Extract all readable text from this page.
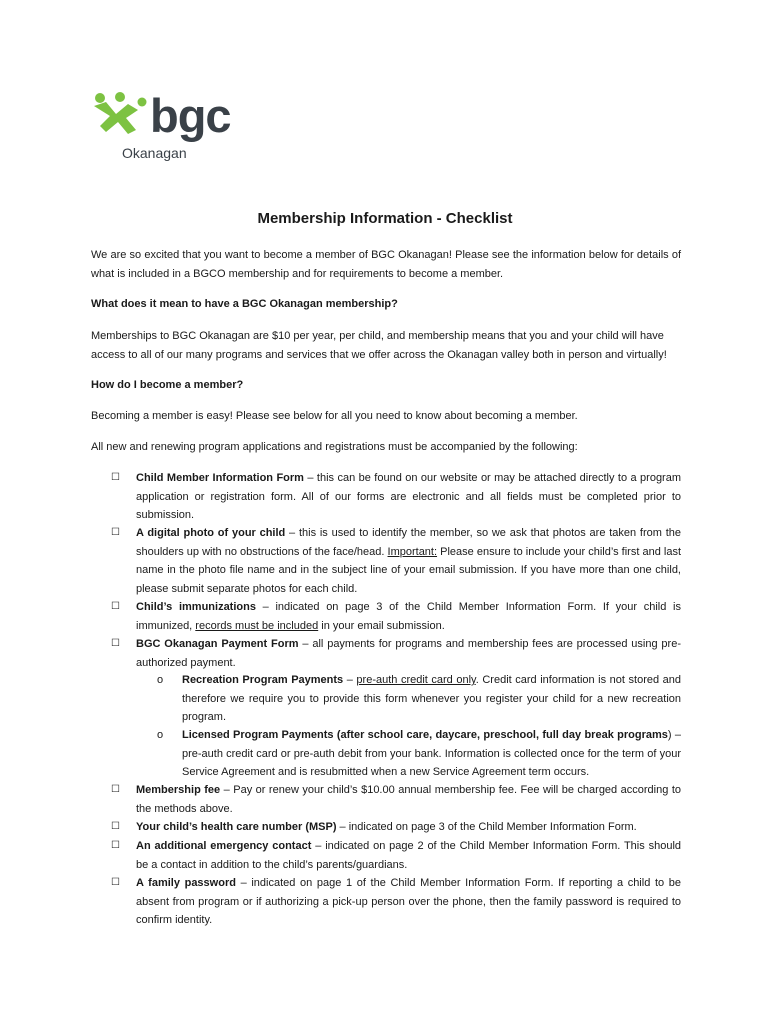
bgc
Okanagan
Membership Information - Checklist

We are so excited that you want to become a member of BGC Okanagan! Please see the information below for details of what is included in a BGCO membership and for requirements to become a member.

What does it mean to have a BGC Okanagan membership?

Memberships to BGC Okanagan are $10 per year, per child, and membership means that you and your child will have access to all of our many programs and services that we offer across the Okanagan valley both in person and virtually!

How do I become a member?

Becoming a member is easy! Please see below for all you need to know about becoming a member.

All new and renewing program applications and registrations must be accompanied by the following:

☐ Child Member Information Form – this can be found on our website or may be attached directly to a program application or registration form. All of our forms are electronic and all fields must be completed prior to submission.
☐ A digital photo of your child – this is used to identify the member, so we ask that photos are taken from the shoulders up with no obstructions of the face/head. Important: Please ensure to include your child’s first and last name in the photo file name and in the subject line of your email submission. If you have more than one child, please submit separate photos for each child.
☐ Child’s immunizations – indicated on page 3 of the Child Member Information Form. If your child is immunized, records must be included in your email submission.
☐ BGC Okanagan Payment Form – all payments for programs and membership fees are processed using pre-authorized payment.
o Recreation Program Payments – pre-auth credit card only. Credit card information is not stored and therefore we require you to provide this form whenever you register your child for a new recreation program.
o Licensed Program Payments (after school care, daycare, preschool, full day break programs) – pre-auth credit card or pre-auth debit from your bank. Information is collected once for the term of your Service Agreement and is resubmitted when a new Service Agreement term occurs.
☐ Membership fee – Pay or renew your child’s $10.00 annual membership fee. Fee will be charged according to the methods above.
☐ Your child’s health care number (MSP) – indicated on page 3 of the Child Member Information Form.
☐ An additional emergency contact – indicated on page 2 of the Child Member Information Form. This should be a contact in addition to the child’s parents/guardians.
☐ A family password – indicated on page 1 of the Child Member Information Form. If reporting a child to be absent from program or if authorizing a pick-up person over the phone, then the family password is required to confirm identity.
